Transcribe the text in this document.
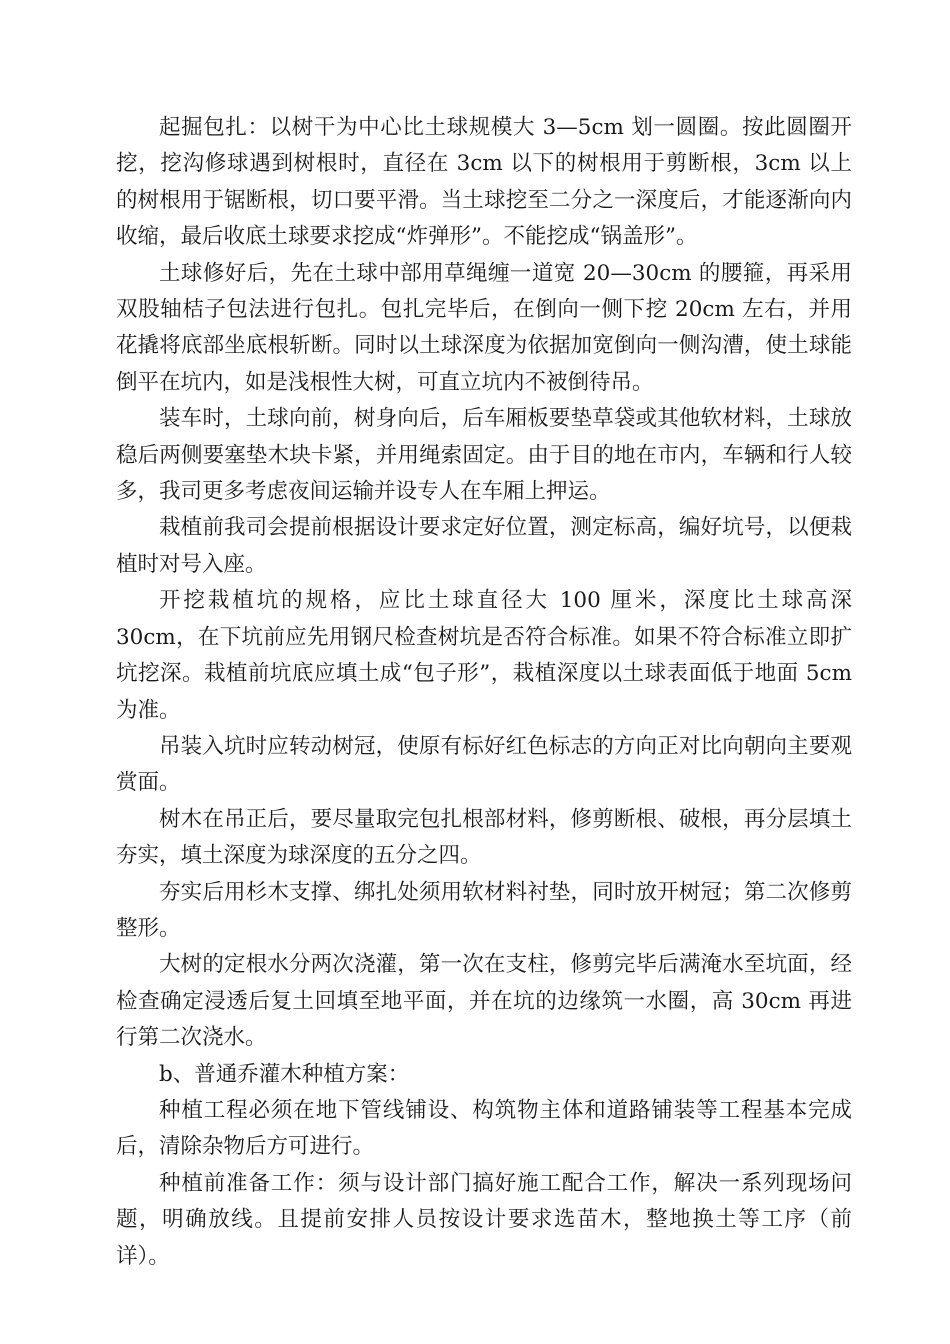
起掘包扎：以树干为中心比土球规模大 3—5cm 划一圆圈。按此圆圈开挖，挖沟修球遇到树根时，直径在 3cm 以下的树根用于剪断根，3cm 以上的树根用于锯断根，切口要平滑。当土球挖至二分之一深度后，才能逐渐向内收缩，最后收底土球要求挖成“炸弹形”。不能挖成“锅盖形”。

土球修好后，先在土球中部用草绳缠一道宽 20—30cm 的腰箍，再采用双股轴桔子包法进行包扎。包扎完毕后，在倒向一侧下挖 20cm 左右，并用花撬将底部坐底根斩断。同时以土球深度为依据加宽倒向一侧沟漕，使土球能倒平在坑内，如是浅根性大树，可直立坑内不被倒待吊。

装车时，土球向前，树身向后，后车厢板要垫草袋或其他软材料，土球放稳后两侧要塞垫木块卡紧，并用绳索固定。由于目的地在市内，车辆和行人较多，我司更多考虑夜间运输并设专人在车厢上押运。

栽植前我司会提前根据设计要求定好位置，测定标高，编好坑号，以便栽植时对号入座。

开挖栽植坑的规格，应比土球直径大 100 厘米，深度比土球高深 30cm，在下坑前应先用钢尺检查树坑是否符合标准。如果不符合标准立即扩坑挖深。栽植前坑底应填土成“包子形”，栽植深度以土球表面低于地面 5cm 为准。

吊装入坑时应转动树冠，使原有标好红色标志的方向正对比向朝向主要观赏面。

树木在吊正后，要尽量取完包扎根部材料，修剪断根、破根，再分层填土夯实，填土深度为球深度的五分之四。

夯实后用杉木支撑、绑扎处须用软材料衬垫，同时放开树冠；第二次修剪整形。

大树的定根水分两次浇灌，第一次在支柱，修剪完毕后满淹水至坑面，经检查确定浸透后复土回填至地平面，并在坑的边缘筑一水圈，高 30cm 再进行第二次浇水。

b、普通乔灌木种植方案：

种植工程必须在地下管线铺设、构筑物主体和道路铺装等工程基本完成后，清除杂物后方可进行。

种植前准备工作：须与设计部门搞好施工配合工作，解决一系列现场问题，明确放线。且提前安排人员按设计要求选苗木，整地换土等工序（前详）。
